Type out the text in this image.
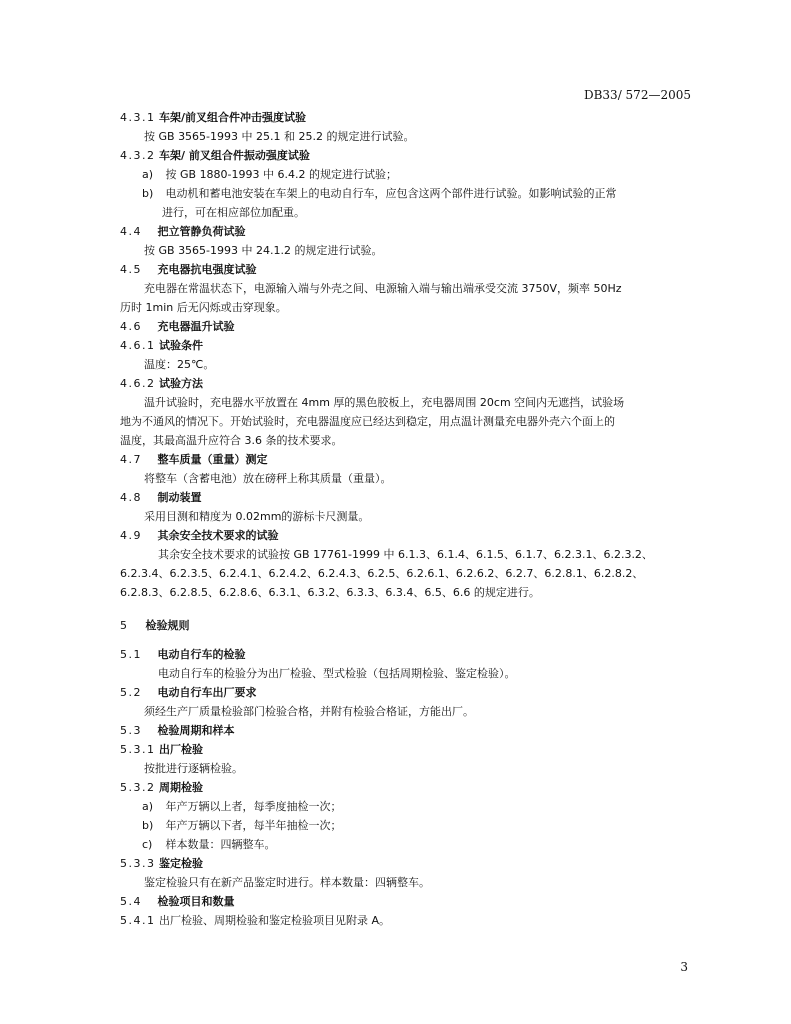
DB33/ 572—2005
4.3.1 车架/前叉组合件冲击强度试验
按 GB 3565-1993 中 25.1 和 25.2 的规定进行试验。
4.3.2 车架/ 前叉组合件振动强度试验
a) 按 GB 1880-1993 中 6.4.2 的规定进行试验；
b) 电动机和蓄电池安装在车架上的电动自行车，应包含这两个部件进行试验。如影响试验的正常
进行，可在相应部位加配重。
4.4 把立管静负荷试验
按 GB 3565-1993 中 24.1.2 的规定进行试验。
4.5 充电器抗电强度试验
充电器在常温状态下，电源输入端与外壳之间、电源输入端与输出端承受交流 3750V，频率 50Hz
历时 1min 后无闪烁或击穿现象。
4.6 充电器温升试验
4.6.1 试验条件
温度：25℃。
4.6.2 试验方法
温升试验时，充电器水平放置在 4mm 厚的黑色胶板上，充电器周围 20cm 空间内无遮挡，试验场
地为不通风的情况下。开始试验时，充电器温度应已经达到稳定，用点温计测量充电器外壳六个面上的
温度，其最高温升应符合 3.6 条的技术要求。
4.7 整车质量（重量）测定
将整车（含蓄电池）放在磅秤上称其质量（重量）。
4.8 制动装置
采用目测和精度为 0.02mm的游标卡尺测量。
4.9 其余安全技术要求的试验
其余安全技术要求的试验按 GB 17761-1999 中 6.1.3、6.1.4、6.1.5、6.1.7、6.2.3.1、6.2.3.2、
6.2.3.4、6.2.3.5、6.2.4.1、6.2.4.2、6.2.4.3、6.2.5、6.2.6.1、6.2.6.2、6.2.7、6.2.8.1、6.2.8.2、
6.2.8.3、6.2.8.5、6.2.8.6、6.3.1、6.3.2、6.3.3、6.3.4、6.5、6.6 的规定进行。
5 检验规则
5.1 电动自行车的检验
电动自行车的检验分为出厂检验、型式检验（包括周期检验、鉴定检验）。
5.2 电动自行车出厂要求
须经生产厂质量检验部门检验合格，并附有检验合格证，方能出厂。
5.3 检验周期和样本
5.3.1 出厂检验
按批进行逐辆检验。
5.3.2 周期检验
a) 年产万辆以上者，每季度抽检一次；
b) 年产万辆以下者，每半年抽检一次；
c) 样本数量：四辆整车。
5.3.3 鉴定检验
鉴定检验只有在新产品鉴定时进行。样本数量：四辆整车。
5.4 检验项目和数量
5.4.1 出厂检验、周期检验和鉴定检验项目见附录 A。
3
